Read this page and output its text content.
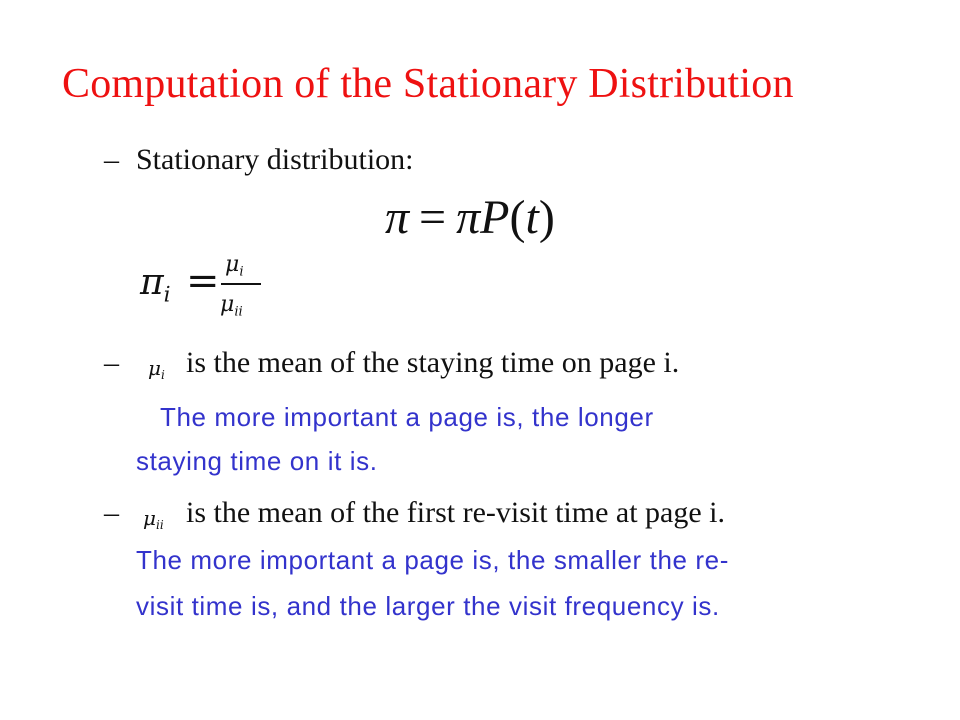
Computation of the Stationary Distribution
– Stationary distribution:
π = πP(t)
$\pi_i = \mu_i$
$\mu_{ii}$
– $\mu_i$ is the mean of the staying time on page i.
The more important a page is, the longer
staying time on it is.
– $\mu_{ii}$ is the mean of the first re-visit time at page i.
The more important a page is, the smaller the re-
visit time is, and the larger the visit frequency is.
